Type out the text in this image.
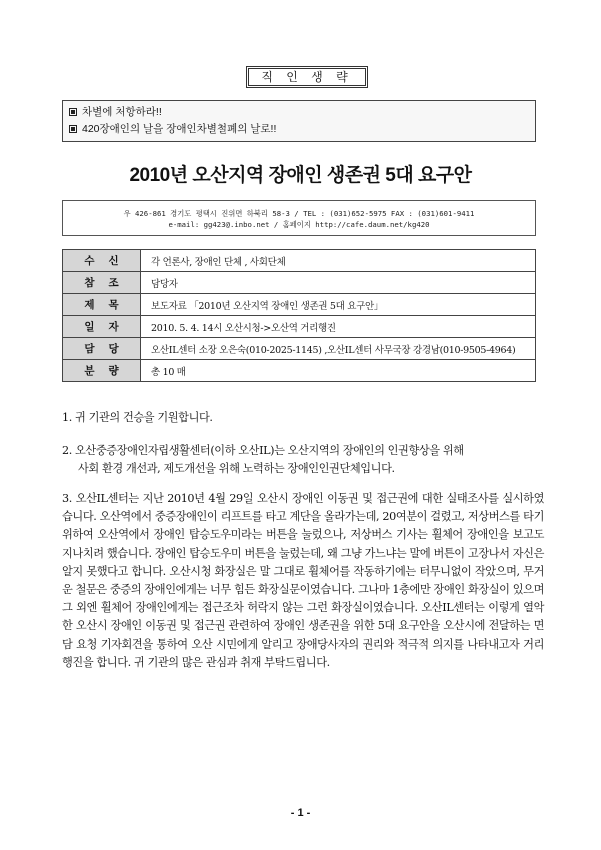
직 인 생 략
차별에 처항하라!!
420장애인의 날을 장애인차별철폐의 날로!!
2010년 오산지역 장애인 생존권 5대 요구안
우 426-861 경기도 평택시 진위면 하북리 58-3 / TEL : (031)652-5975 FAX : (031)601-9411
e-mail: gg423@.inbo.net / 홈페이지 http://cafe.daum.net/kg420
수신	각 언론사, 장애인 단체 , 사회단체
참조	담당자
제목	보도자료 「2010년 오산지역 장애인 생존권 5대 요구안」
일자	2010. 5. 4. 14시 오산시청->오산역 거리행진
담당	오산IL센터 소장 오은숙(010-2025-1145) ,오산IL센터 사무국장 강경남(010-9505-4964)
분량	총 10 매
1. 귀 기관의 건승을 기원합니다.
2. 오산중증장애인자립생활센터(이하 오산IL)는 오산지역의 장애인의 인권향상을 위해
사회 환경 개선과, 제도개선을 위해 노력하는 장애인인권단체입니다.
3. 오산IL센터는 지난 2010년 4월 29일 오산시 장애인 이동권 및 접근권에 대한 실태조사를 실시하였습니다. 오산역에서 중증장애인이 리프트를 타고 계단을 올라가는데, 20여분이 걸렸고, 저상버스를 타기 위하여 오산역에서 장애인 탑승도우미라는 버튼을 눌렀으나, 저상버스 기사는 휠체어 장애인을 보고도 지나치려 했습니다. 장애인 탑승도우미 버튼을 눌렀는데, 왜 그냥 가느냐는 말에 버튼이 고장나서 자신은 알지 못했다고 합니다. 오산시청 화장실은 말 그대로 휠체어를 작동하기에는 터무니없이 작았으며, 무거운 철문은 중증의 장애인에게는 너무 힘든 화장실문이였습니다. 그나마 1층에만 장애인 화장실이 있으며 그 외엔 휠체어 장애인에게는 접근조차 허락지 않는 그런 화장실이였습니다. 오산IL센터는 이렇게 열악한 오산시 장애인 이동권 및 접근권 관련하여 장애인 생존권을 위한 5대 요구안을 오산시에 전달하는 면담 요청 기자회견을 통하여 오산 시민에게 알리고 장애당사자의 권리와 적극적 의지를 나타내고자 거리 행진을 합니다. 귀 기관의 많은 관심과 취재 부탁드립니다.
- 1 -
